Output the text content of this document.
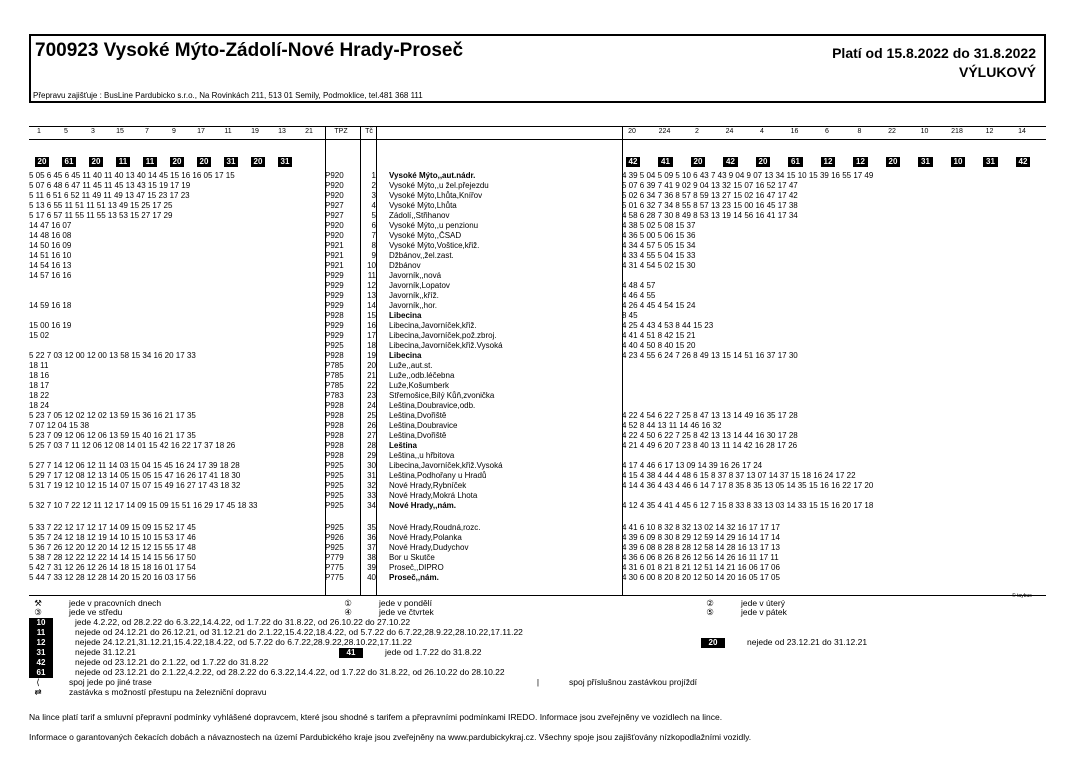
700923 Vysoké Mýto-Zádolí-Nové Hrady-Proseč	Platí od 15.8.2022 do 31.8.2022
VÝLUKOVÝ
Přepravu zajišťuje : BusLine Pardubicko s.r.o., Na Rovinkách 211, 513 01 Semily, Podmoklice, tel.481 368 111
1	5	3	15	7	9	17	11	19	13	21	TPZ	Tč	20	224	2	24	4	16	6	8	22	10	218	12	14
20	61	20	11	11	20	20	31	20	31	42	41	20	42	20	61	12	12	20	31	10	31	42
5 05 6 45 6 45 11 40 11 40 13 40 14 45 15 16 16 05 17 15	P920	1 Vysoké Mýto,,aut.nádr.	4 39 5 04 5 09 5 10 6 43 7 43 9 04 9 07 13 34 15 10 15 39 16 55 17 49
5 07 6 48 6 47 11 45 11 45 13 43 15 19 17 19	P920	2 Vysoké Mýto,,u žel.přejezdu	5 07 6 39 7 41 9 02 9 04 13 32 15 07 16 52 17 47
5 11 6 51 6 52 11 49 11 49 13 47 15 23 17 23	P920	3 Vysoké Mýto,Lhůta,Knířov	5 02 6 34 7 36 8 57 8 59 13 27 15 02 16 47 17 42
5 13 6 55 11 51 11 51 13 49 15 25 17 25	P927	4 Vysoké Mýto,Lhůta	5 01 6 32 7 34 8 55 8 57 13 23 15 00 16 45 17 38
5 17 6 57 11 55 11 55 13 53 15 27 17 29	P927	5 Zádolí,,Střihanov	4 58 6 28 7 30 8 49 8 53 13 19 14 56 16 41 17 34
14 47 16 07	P920	6 Vysoké Mýto,,u penzionu	4 38 5 02 5 08 15 37
14 48 16 08	P920	7 Vysoké Mýto,,ČSAD	4 36 5 00 5 06 15 36
14 50 16 09	P921	8 Vysoké Mýto,Voštice,křiž.	4 34 4 57 5 05 15 34
14 51 16 10	P921	9 Džbánov,,žel.zast.	4 33 4 55 5 04 15 33
14 54 16 13	P921	10 Džbánov	4 31 4 54 5 02 15 30
14 57 16 16	P929	11 Javorník,,nová
P929	12 Javorník,Lopatov	4 48 4 57
P929	13 Javorník,,kříž.	4 46 4 55
14 59 16 18	P929	14 Javorník,,hor.	4 26 4 45 4 54 15 24
P928	15 Libecina	8 45
15 00 16 19	P929	16 Libecina,Javorníček,křiž.	4 25 4 43 4 53 8 44 15 23
15 02	P929	17 Libecina,Javorníček,pož.zbroj.	4 41 4 51 8 42 15 21
P925	18 Libecina,Javorníček,křiž.Vysoká	4 40 4 50 8 40 15 20
5 22 7 03 12 00 12 00 13 58 15 34 16 20 17 33	P928	19 Libecina	4 23 4 55 6 24 7 26 8 49 13 15 14 51 16 37 17 30
18 11	P785	20 Luže,,aut.st.
18 16	P785	21 Luže,,odb.léčebna
18 17	P785	22 Luže,Košumberk
18 22	P783	23 Střemošice,Bílý Kůň,zvonička
18 24	P928	24 Leština,Doubravice,odb.
5 23 7 05 12 02 12 02 13 59 15 36 16 21 17 35	P928	25 Leština,Dvořiště	4 22 4 54 6 22 7 25 8 47 13 13 14 49 16 35 17 28
7 07 12 04 15 38	P928	26 Leština,Doubravice	4 52 8 44 13 11 14 46 16 32
5 23 7 09 12 06 12 06 13 59 15 40 16 21 17 35	P928	27 Leština,Dvořiště	4 22 4 50 6 22 7 25 8 42 13 13 14 44 16 30 17 28
5 25 7 03 7 11 12 06 12 08 14 01 15 42 16 22 17 37 18 26	P928	28 Leština	4 21 4 49 6 20 7 23 8 40 13 11 14 42 16 28 17 26
P928	29 Leština,,u hřbitova
5 27 7 14 12 06 12 11 14 03 15 04 15 45 16 24 17 39 18 28	P925	30 Libecina,Javorníček,křiž.Vysoká	4 17 4 46 6 17 13 09 14 39 16 26 17 24
5 29 7 17 12 08 12 13 14 05 15 05 15 47 16 26 17 41 18 30	P925	31 Leština,Podhořany u Hradů	4 15 4 38 4 44 4 48 6 15 8 37 8 37 13 07 14 37 15 18 16 24 17 22
5 31 7 19 12 10 12 15 14 07 15 07 15 49 16 27 17 43 18 32	P925	32 Nové Hrady,Rybníček	4 14 4 36 4 43 4 46 6 14 7 17 8 35 8 35 13 05 14 35 15 16 16 22 17 20
P925	33 Nové Hrady,Mokrá Lhota
5 32 7 10 7 22 12 11 12 17 14 09 15 09 15 51 16 29 17 45 18 33	P925	34 Nové Hrady,,nám.	4 12 4 35 4 41 4 45 6 12 7 15 8 33 8 33 13 03 14 33 15 15 16 20 17 18
5 33 7 22 12 17 12 17 14 09 15 09 15 52 17 45	P925	35 Nové Hrady,Roudná,rozc.	4 41 6 10 8 32 8 32 13 02 14 32 16 17 17 17
5 35 7 24 12 18 12 19 14 10 15 10 15 53 17 46	P926	36 Nové Hrady,Polanka	4 39 6 09 8 30 8 29 12 59 14 29 16 14 17 14
5 36 7 26 12 20 12 20 14 12 15 12 15 55 17 48	P925	37 Nové Hrady,Dudychov	4 39 6 08 8 28 8 28 12 58 14 28 16 13 17 13
5 38 7 28 12 22 12 22 14 14 15 14 15 56 17 50	P779	38 Bor u Skutče	4 36 6 06 8 26 8 26 12 56 14 26 16 11 17 11
5 42 7 31 12 26 12 26 14 18 15 18 16 01 17 54	P775	39 Proseč,,DIPRO	4 31 6 01 8 21 8 21 12 51 14 21 16 06 17 06
5 44 7 33 12 28 12 28 14 20 15 20 16 03 17 56	P775	40 Proseč,,nám.	4 30 6 00 8 20 8 20 12 50 14 20 16 05 17 05
⚒	jede v pracovních dnech	①	jede v pondělí	②	jede v úterý
③	jede ve středu	④	jede ve čtvrtek	⑤	jede v pátek
10	jede 4.2.22, od 28.2.22 do 6.3.22,14.4.22, od 1.7.22 do 31.8.22, od 26.10.22 do 27.10.22
11	nejede od 24.12.21 do 26.12.21, od 31.12.21 do 2.1.22,15.4.22,18.4.22, od 5.7.22 do 6.7.22,28.9.22,28.10.22,17.11.22
12	nejede 24.12.21,31.12.21,15.4.22,18.4.22, od 5.7.22 do 6.7.22,28.9.22,28.10.22,17.11.22	20	nejede od 23.12.21 do 31.12.21
31	nejede 31.12.21	41	jede od 1.7.22 do 31.8.22
42	nejede od 23.12.21 do 2.1.22, od 1.7.22 do 31.8.22
61	nejede od 23.12.21 do 2.1.22,4.2.22, od 28.2.22 do 6.3.22,14.4.22, od 1.7.22 do 31.8.22, od 26.10.22 do 28.10.22
⟨	spoj jede po jiné trase	|	spoj příslušnou zastávkou projíždí
⇄	zastávka s možností přestupu na železniční dopravu
Na lince platí tarif a smluvní přepravní podmínky vyhlášené dopravcem, které jsou shodné s tarifem a přepravními podmínkami IREDO. Informace jsou zveřejněny ve vozidlech na lince.
Informace o garantovaných čekacích dobách a návaznostech na území Pardubického kraje jsou zveřejněny na www.pardubickykraj.cz. Všechny spoje jsou zajišťovány nízkopodlažními vozidly.
© taybus
